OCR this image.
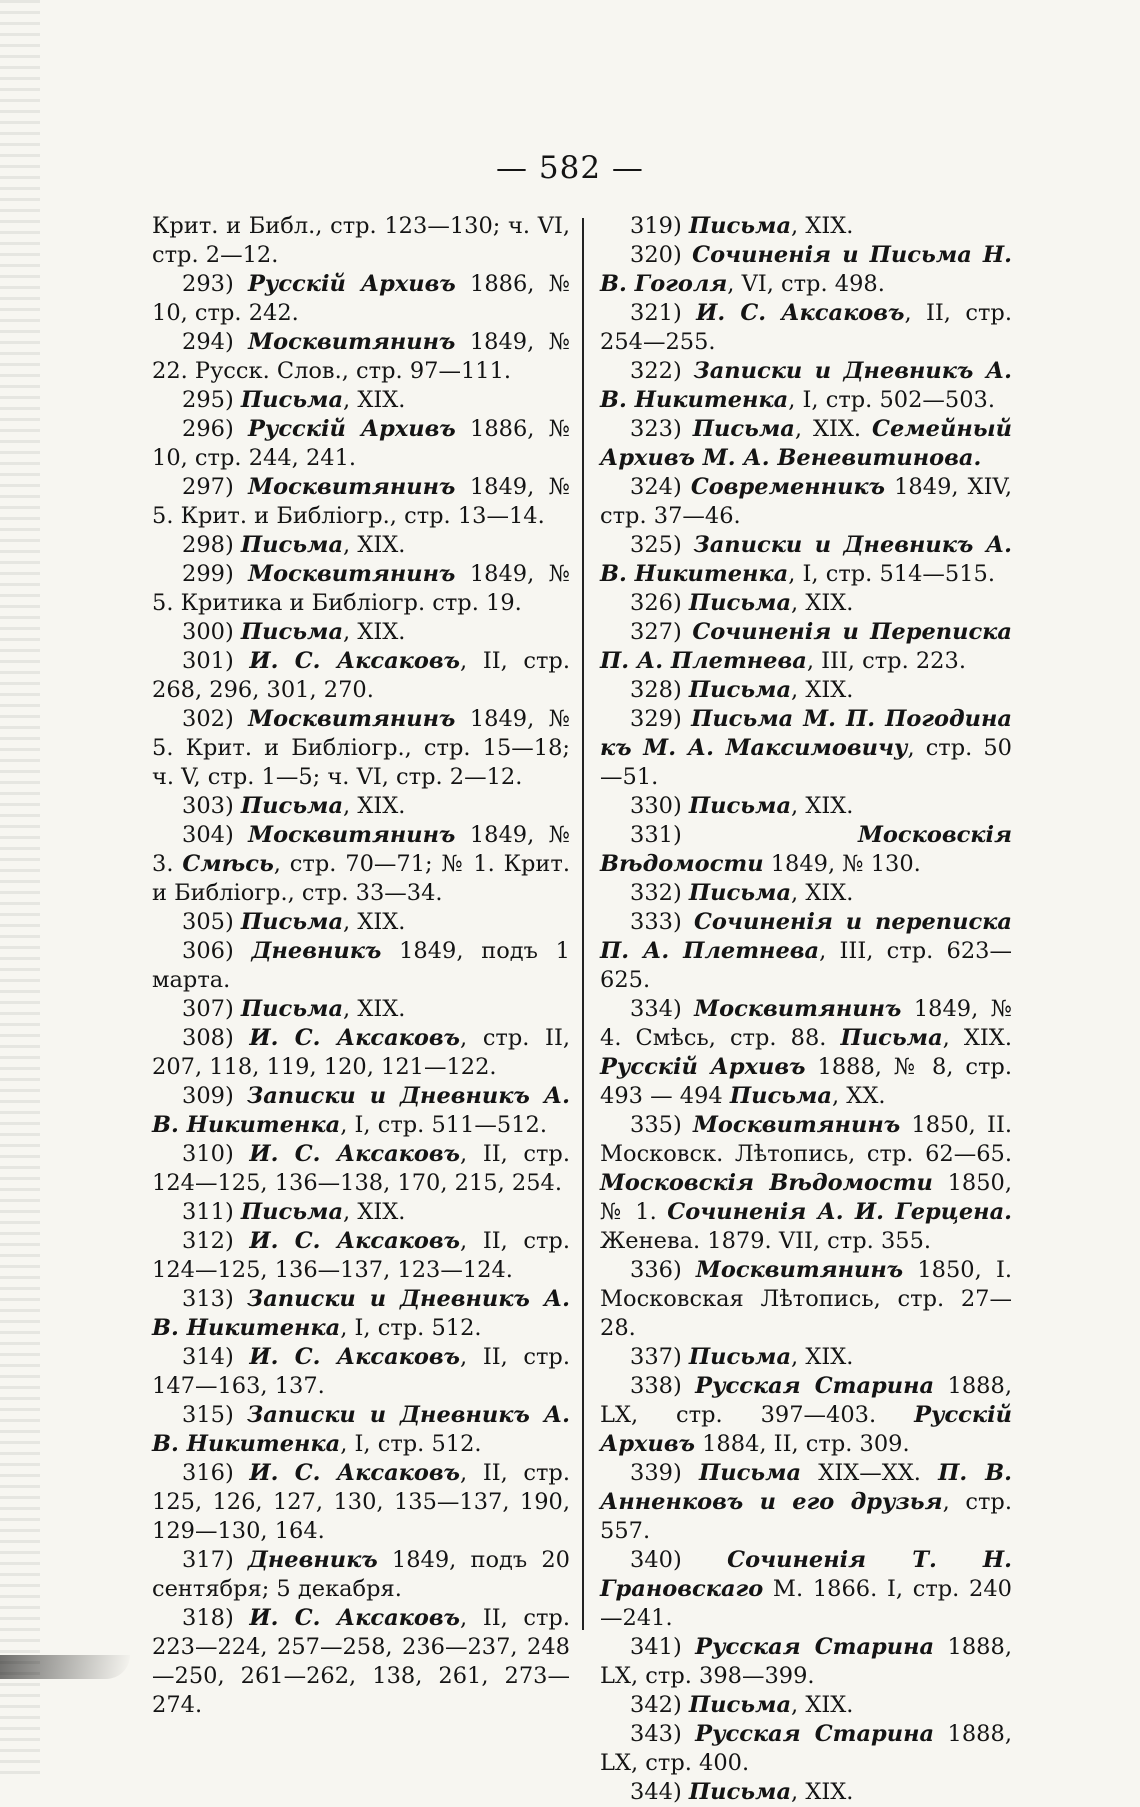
— 582 —

Крит. и Библ., стр. 123—130; ч. VI, стр. 2—12.

293) Русскій Архивъ 1886, № 10, стр. 242.

294) Москвитянинъ 1849, № 22. Русск. Слов., стр. 97—111.

295) Письма, XIX.

296) Русскій Архивъ 1886, № 10, стр. 244, 241.

297) Москвитянинъ 1849, № 5. Крит. и Библіогр., стр. 13—14.

298) Письма, XIX.

299) Москвитянинъ 1849, № 5. Критика и Библіогр. стр. 19.

300) Письма, XIX.

301) И. С. Аксаковъ, II, стр. 268, 296, 301, 270.

302) Москвитянинъ 1849, № 5. Крит. и Библіогр., стр. 15—18; ч. V, стр. 1—5; ч. VI, стр. 2—12.

303) Письма, XIX.

304) Москвитянинъ 1849, № 3. Смѣсь, стр. 70—71; № 1. Крит. и Библіогр., стр. 33—34.

305) Письма, XIX.

306) Дневникъ 1849, подъ 1 марта.

307) Письма, XIX.

308) И. С. Аксаковъ, стр. II, 207, 118, 119, 120, 121—122.

309) Записки и Дневникъ А. В. Никитенка, I, стр. 511—512.

310) И. С. Аксаковъ, II, стр. 124—125, 136—138, 170, 215, 254.

311) Письма, XIX.

312) И. С. Аксаковъ, II, стр. 124—125, 136—137, 123—124.

313) Записки и Дневникъ А. В. Никитенка, I, стр. 512.

314) И. С. Аксаковъ, II, стр. 147—163, 137.

315) Записки и Дневникъ А. В. Никитенка, I, стр. 512.

316) И. С. Аксаковъ, II, стр. 125, 126, 127, 130, 135—137, 190, 129—130, 164.

317) Дневникъ 1849, подъ 20 сентября; 5 декабря.

318) И. С. Аксаковъ, II, стр. 223—224, 257—258, 236—237, 248—250, 261—262, 138, 261, 273—274.

319) Письма, XIX.

320) Сочиненія и Письма Н. В. Гоголя, VI, стр. 498.

321) И. С. Аксаковъ, II, стр. 254—255.

322) Записки и Дневникъ А. В. Никитенка, I, стр. 502—503.

323) Письма, XIX. Семейный Архивъ М. А. Веневитинова.

324) Современникъ 1849, XIV, стр. 37—46.

325) Записки и Дневникъ А. В. Никитенка, I, стр. 514—515.

326) Письма, XIX.

327) Сочиненія и Переписка П. А. Плетнева, III, стр. 223.

328) Письма, XIX.

329) Письма М. П. Погодина къ М. А. Максимовичу, стр. 50—51.

330) Письма, XIX.

331) Московскія Вѣдомости 1849, № 130.

332) Письма, XIX.

333) Сочиненія и переписка П. А. Плетнева, III, стр. 623—625.

334) Москвитянинъ 1849, № 4. Смѣсь, стр. 88. Письма, XIX. Русскій Архивъ 1888, № 8, стр. 493 — 494 Письма, XX.

335) Москвитянинъ 1850, II. Московск. Лѣтопись, стр. 62—65. Московскія Вѣдомости 1850, № 1. Сочиненія А. И. Герцена. Женева. 1879. VII, стр. 355.

336) Москвитянинъ 1850, I. Московская Лѣтопись, стр. 27—28.

337) Письма, XIX.

338) Русская Старина 1888, LX, стр. 397—403. Русскій Архивъ 1884, II, стр. 309.

339) Письма XIX—XX. П. В. Анненковъ и его друзья, стр. 557.

340) Сочиненія Т. Н. Грановскаго М. 1866. I, стр. 240—241.

341) Русская Старина 1888, LX, стр. 398—399.

342) Письма, XIX.

343) Русская Старина 1888, LX, стр. 400.

344) Письма, XIX.
